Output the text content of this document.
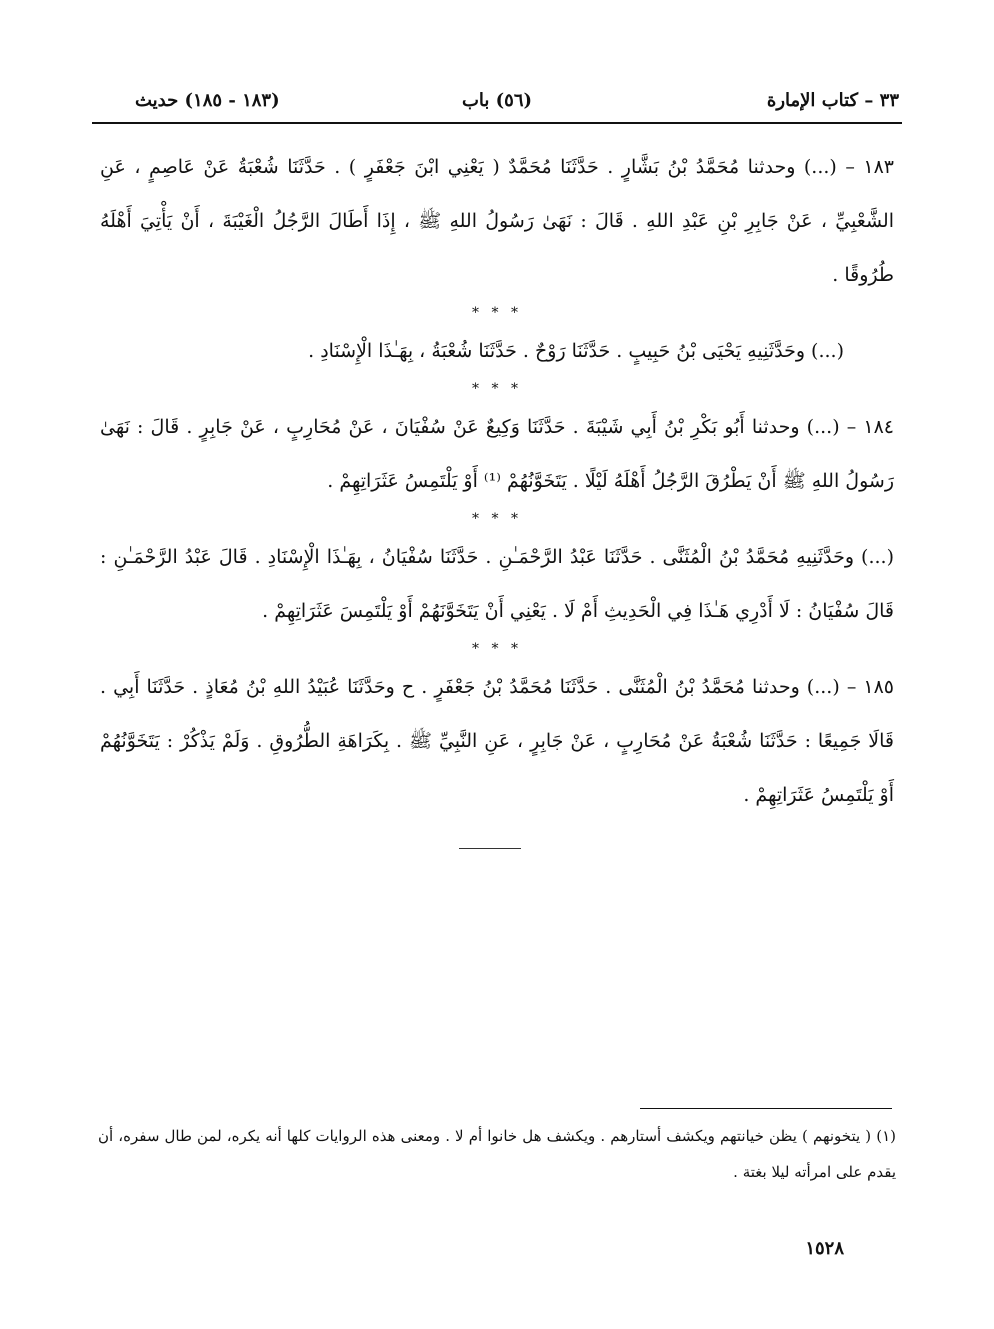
٣٣ – كتاب الإمارة
(٥٦) باب
(١٨٣ - ١٨٥) حديث

١٨٣ – (...) وحدثنا مُحَمَّدُ بْنُ بَشَّارٍ . حَدَّثَنَا مُحَمَّدٌ ( يَعْنِي ابْنَ جَعْفَرٍ ) . حَدَّثَنَا شُعْبَةُ عَنْ عَاصِمٍ ، عَنِ الشَّعْبِيِّ ، عَنْ جَابِرِ بْنِ عَبْدِ اللهِ . قَالَ : نَهَىٰ رَسُولُ اللهِ ﷺ ، إِذَا أَطَالَ الرَّجُلُ الْغَيْبَةَ ، أَنْ يَأْتِيَ أَهْلَهُ طُرُوقًا .

* * *

(...) وحَدَّثَنِيهِ يَحْيَى بْنُ حَبِيبٍ . حَدَّثَنَا رَوْحٌ . حَدَّثَنَا شُعْبَةُ ، بِهَـٰذَا الْإِسْنَادِ .

* * *

١٨٤ – (...) وحدثنا أَبُو بَكْرِ بْنُ أَبِي شَيْبَةَ . حَدَّثَنَا وَكِيعٌ عَنْ سُفْيَانَ ، عَنْ مُحَارِبٍ ، عَنْ جَابِرٍ . قَالَ : نَهَىٰ رَسُولُ اللهِ ﷺ أَنْ يَطْرُقَ الرَّجُلُ أَهْلَهُ لَيْلًا . يَتَخَوَّنُهُمْ ⁽¹⁾ أَوْ يَلْتَمِسُ عَثَرَاتِهِمْ .

* * *

(...) وحَدَّثَنِيهِ مُحَمَّدُ بْنُ الْمُثَنَّى . حَدَّثَنَا عَبْدُ الرَّحْمَـٰنِ . حَدَّثَنَا سُفْيَانُ ، بِهَـٰذَا الْإِسْنَادِ . قَالَ عَبْدُ الرَّحْمَـٰنِ : قَالَ سُفْيَانُ : لَا أَدْرِي هَـٰذَا فِي الْحَدِيثِ أَمْ لَا . يَعْنِي أَنْ يَتَخَوَّنَهُمْ أَوْ يَلْتَمِسَ عَثَرَاتِهِمْ .

* * *

١٨٥ – (...) وحدثنا مُحَمَّدُ بْنُ الْمُثَنَّى . حَدَّثَنَا مُحَمَّدُ بْنُ جَعْفَرٍ . ح وحَدَّثَنَا عُبَيْدُ اللهِ بْنُ مُعَاذٍ . حَدَّثَنَا أَبِي . قَالَا جَمِيعًا : حَدَّثَنَا شُعْبَةُ عَنْ مُحَارِبٍ ، عَنْ جَابِرٍ ، عَنِ النَّبِيِّ ﷺ . بِكَرَاهَةِ الطُّرُوقِ . وَلَمْ يَذْكُرْ : يَتَخَوَّنُهُمْ أَوْ يَلْتَمِسُ عَثَرَاتِهِمْ .

(١) ( يتخونهم ) يظن خيانتهم ويكشف أستارهم . ويكشف هل خانوا أم لا . ومعنى هذه الروايات كلها أنه يكره، لمن طال سفره، أن يقدم على امرأته ليلا بغتة .
١٥٢٨
